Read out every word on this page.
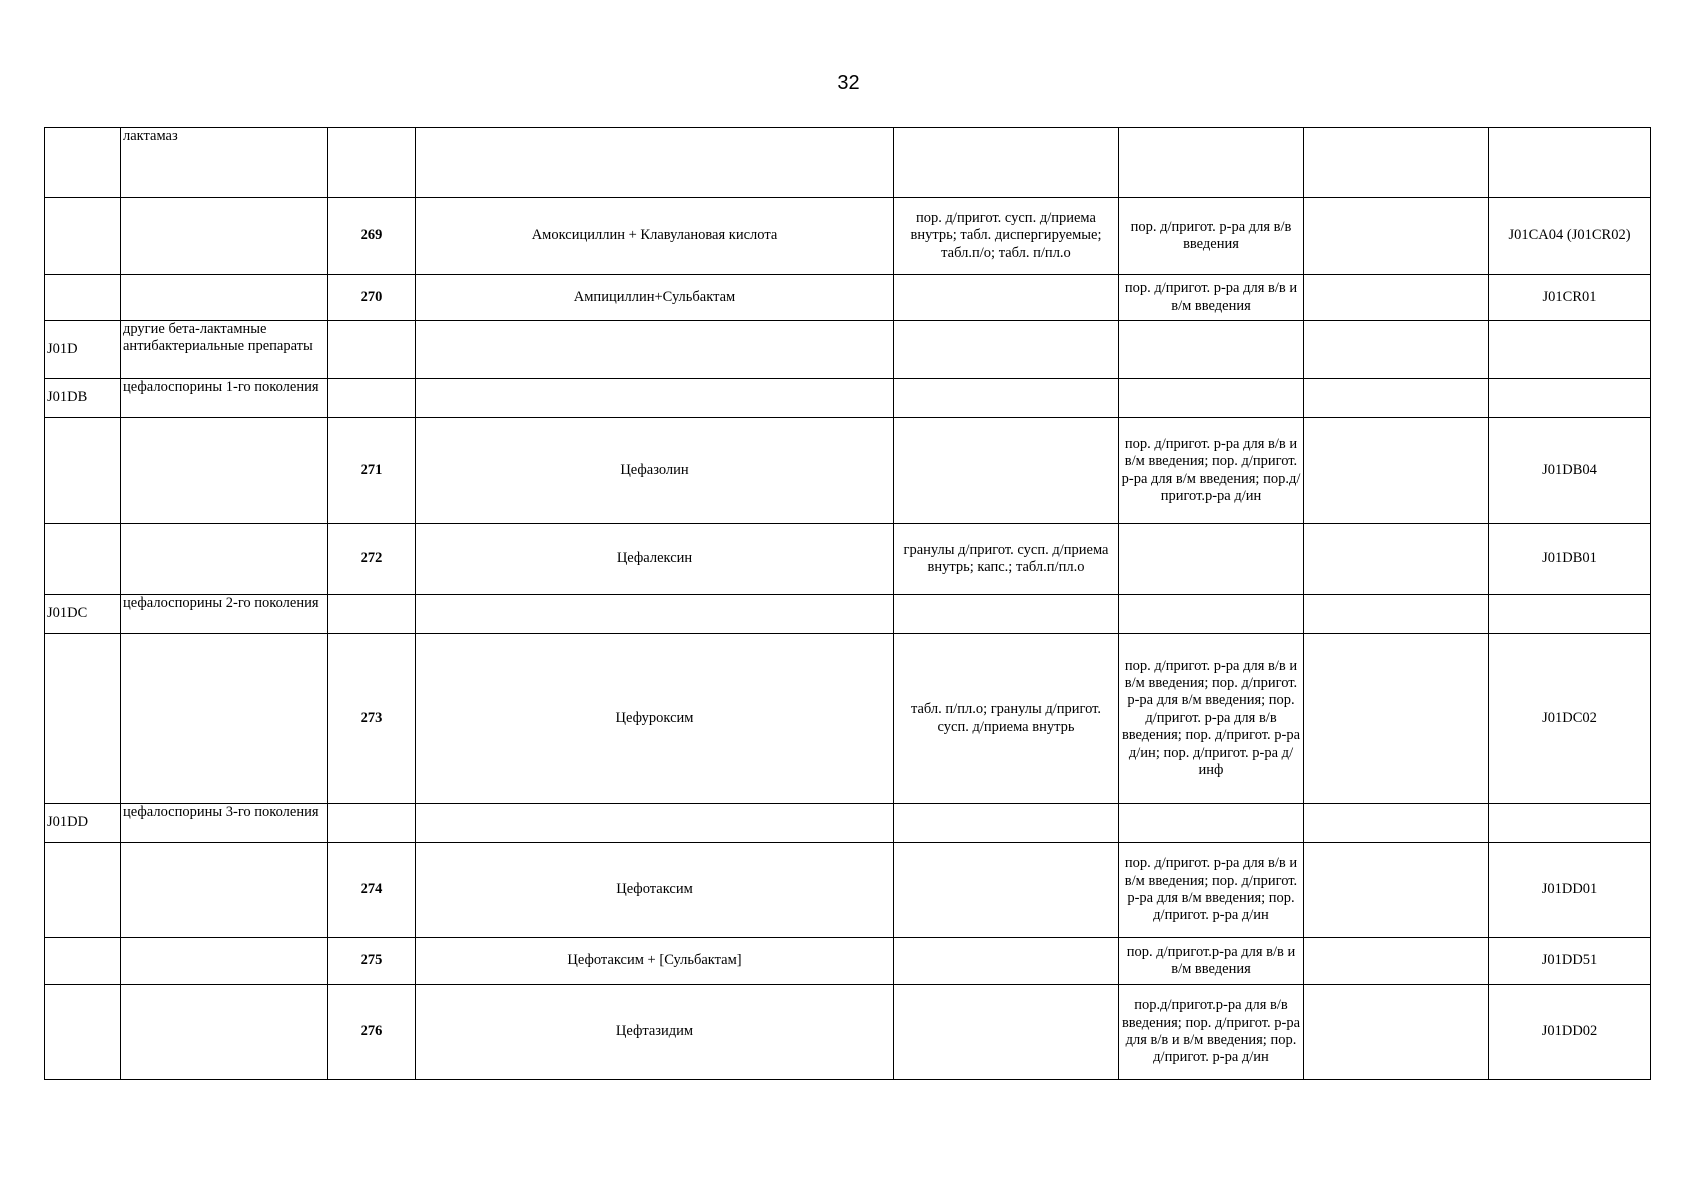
32
	лактамаз						
		269	Амоксициллин + Клавулановая кислота	пор. д/пригот. сусп. д/приема внутрь; табл. диспергируемые; табл.п/о; табл. п/пл.о	пор. д/пригот. р-ра для в/в введения		J01CA04 (J01CR02)
		270	Ампициллин+Сульбактам		пор. д/пригот. р-ра для в/в и в/м введения		J01CR01
J01D	другие бета-лактамные антибактериальные препараты						
J01DB	цефалоспорины 1-го поколения						
		271	Цефазолин		пор. д/пригот. р-ра для в/в и в/м введения; пор. д/пригот. р-ра для в/м введения; пор.д/пригот.р-ра д/ин		J01DB04
		272	Цефалексин	гранулы д/пригот. сусп. д/приема внутрь; капс.; табл.п/пл.о			J01DB01
J01DC	цефалоспорины 2-го поколения						
		273	Цефуроксим	табл. п/пл.о; гранулы д/пригот. сусп. д/приема внутрь	пор. д/пригот. р-ра для в/в и в/м введения; пор. д/пригот. р-ра для в/м введения; пор. д/пригот. р-ра для в/в введения; пор. д/пригот. р-ра д/ин; пор. д/пригот. р-ра д/инф		J01DC02
J01DD	цефалоспорины 3-го поколения						
		274	Цефотаксим		пор. д/пригот. р-ра для в/в и в/м введения; пор. д/пригот. р-ра для в/м введения; пор. д/пригот. р-ра д/ин		J01DD01
		275	Цефотаксим + [Сульбактам]		пор. д/пригот.р-ра для в/в и в/м введения		J01DD51
		276	Цефтазидим		пор.д/пригот.р-ра для в/в введения; пор. д/пригот. р-ра для в/в и в/м введения; пор. д/пригот. р-ра д/ин		J01DD02
